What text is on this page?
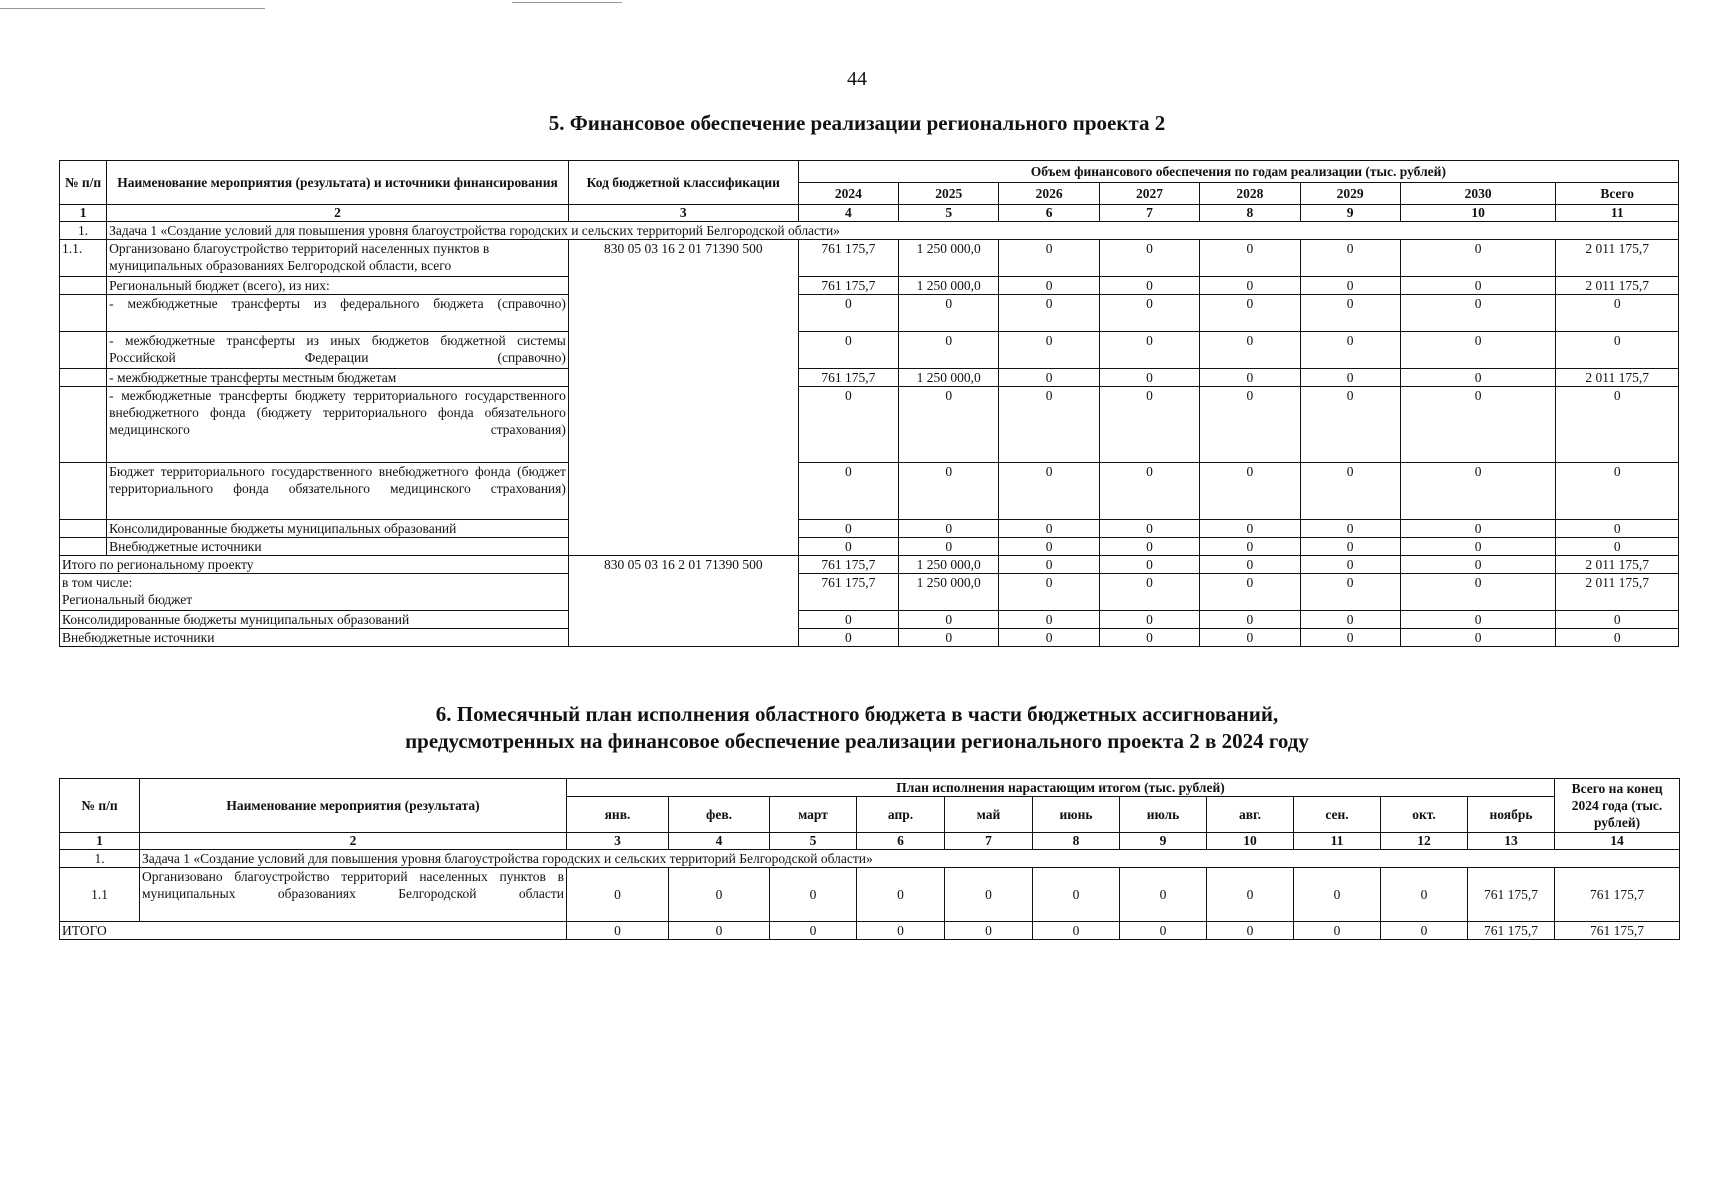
44
5. Финансовое обеспечение реализации регионального проекта 2
№ п/п	Наименование мероприятия (результата) и источники финансирования	Код бюджетной классификации	Объем финансового обеспечения по годам реализации (тыс. рублей)							
			2024	2025	2026	2027	2028	2029	2030	Всего
1	2	3	4	5	6	7	8	9	10	11
1.	Задача 1 «Создание условий для повышения уровня благоустройства городских и сельских территорий Белгородской области»									
1.1.	Организовано благоустройство территорий населенных пунктов в муниципальных образованиях Белгородской области, всего	830 05 03 16 2 01 71390 500	761 175,7	1 250 000,0	0	0	0	0	0	2 011 175,7
	Региональный бюджет (всего), из них:		761 175,7	1 250 000,0	0	0	0	0	0	2 011 175,7
	- межбюджетные трансферты из федерального бюджета (справочно)		0	0	0	0	0	0	0	0
	- межбюджетные трансферты из иных бюджетов бюджетной системы Российской Федерации (справочно)		0	0	0	0	0	0	0	0
	- межбюджетные трансферты местным бюджетам		761 175,7	1 250 000,0	0	0	0	0	0	2 011 175,7
	- межбюджетные трансферты бюджету территориального государственного внебюджетного фонда (бюджету территориального фонда обязательного медицинского страхования)		0	0	0	0	0	0	0	0
	Бюджет территориального государственного внебюджетного фонда (бюджет территориального фонда обязательного медицинского страхования)		0	0	0	0	0	0	0	0
	Консолидированные бюджеты муниципальных образований		0	0	0	0	0	0	0	0
	Внебюджетные источники		0	0	0	0	0	0	0	0
Итого по региональному проекту		830 05 03 16 2 01 71390 500	761 175,7	1 250 000,0	0	0	0	0	0	2 011 175,7

в том числе:
Региональный бюджет			761 175,7	1 250 000,0	0	0	0	0	0	2 011 175,7
Консолидированные бюджеты муниципальных образований			0	0	0	0	0	0	0	0
Внебюджетные источники			0	0	0	0	0	0	0	0
6. Помесячный план исполнения областного бюджета в части бюджетных ассигнований,
предусмотренных на финансовое обеспечение реализации регионального проекта 2 в 2024 году
№ п/п	Наименование мероприятия (результата)	План исполнения нарастающим итогом (тыс. рублей)											Всего на конец 2024 года (тыс. рублей)
		янв.	фев.	март	апр.	май	июнь	июль	авг.	сен.	окт.	ноябрь	
1	2	3	4	5	6	7	8	9	10	11	12	13	14
1.	Задача 1 «Создание условий для повышения уровня благоустройства городских и сельских территорий Белгородской области»												
1.1	Организовано благоустройство территорий населенных пунктов в муниципальных образованиях Белгородской области	0	0	0	0	0	0	0	0	0	0	761 175,7	761 175,7
ИТОГО		0	0	0	0	0	0	0	0	0	0	761 175,7	761 175,7
